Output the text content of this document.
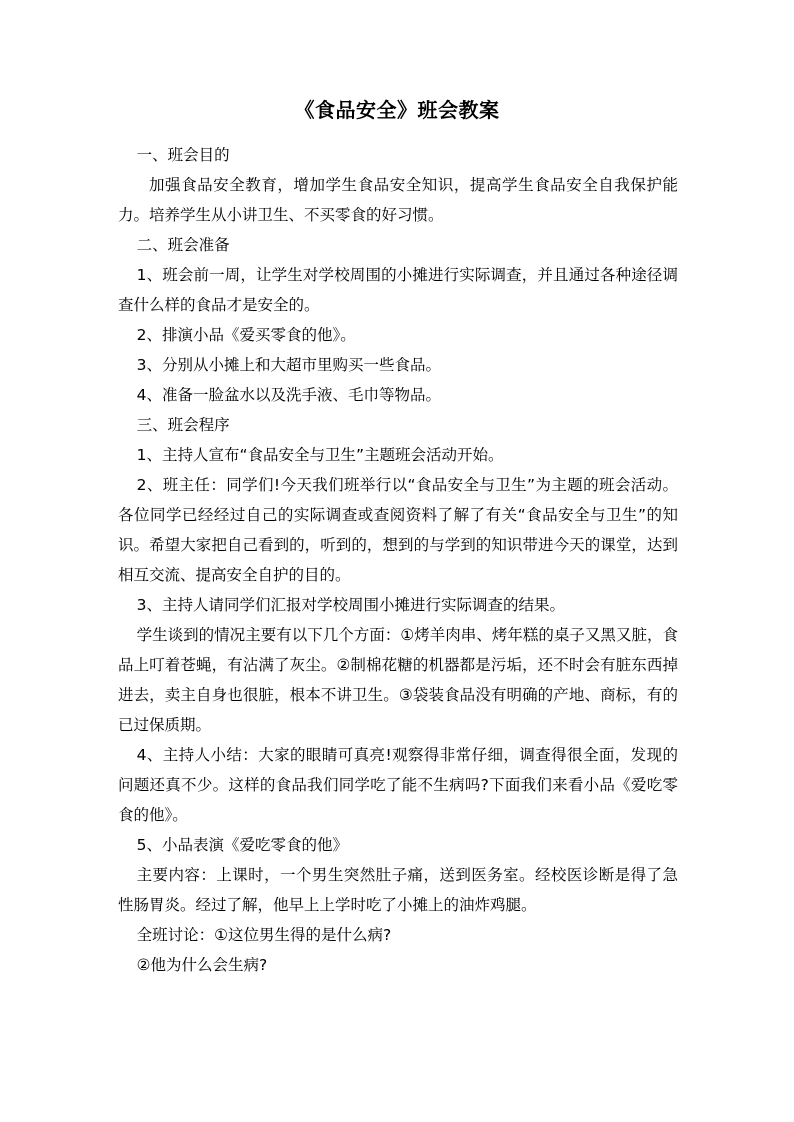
《食品安全》班会教案

一、班会目的

加强食品安全教育，增加学生食品安全知识，提高学生食品安全自我保护能力。培养学生从小讲卫生、不买零食的好习惯。

二、班会准备

1、班会前一周，让学生对学校周围的小摊进行实际调查，并且通过各种途径调查什么样的食品才是安全的。

2、排演小品《爱买零食的他》。

3、分别从小摊上和大超市里购买一些食品。

4、准备一脸盆水以及洗手液、毛巾等物品。

三、班会程序

1、主持人宣布“食品安全与卫生”主题班会活动开始。

2、班主任：同学们!今天我们班举行以“食品安全与卫生”为主题的班会活动。各位同学已经经过自己的实际调查或查阅资料了解了有关“食品安全与卫生”的知识。希望大家把自己看到的，听到的，想到的与学到的知识带进今天的课堂，达到相互交流、提高安全自护的目的。

3、主持人请同学们汇报对学校周围小摊进行实际调查的结果。

学生谈到的情况主要有以下几个方面：①烤羊肉串、烤年糕的桌子又黑又脏，食品上叮着苍蝇，有沾满了灰尘。②制棉花糖的机器都是污垢，还不时会有脏东西掉进去，卖主自身也很脏，根本不讲卫生。③袋装食品没有明确的产地、商标，有的已过保质期。

4、主持人小结：大家的眼睛可真亮!观察得非常仔细，调查得很全面，发现的问题还真不少。这样的食品我们同学吃了能不生病吗?下面我们来看小品《爱吃零食的他》。

5、小品表演《爱吃零食的他》

主要内容：上课时，一个男生突然肚子痛，送到医务室。经校医诊断是得了急性肠胃炎。经过了解，他早上上学时吃了小摊上的油炸鸡腿。

全班讨论：①这位男生得的是什么病?

②他为什么会生病?
